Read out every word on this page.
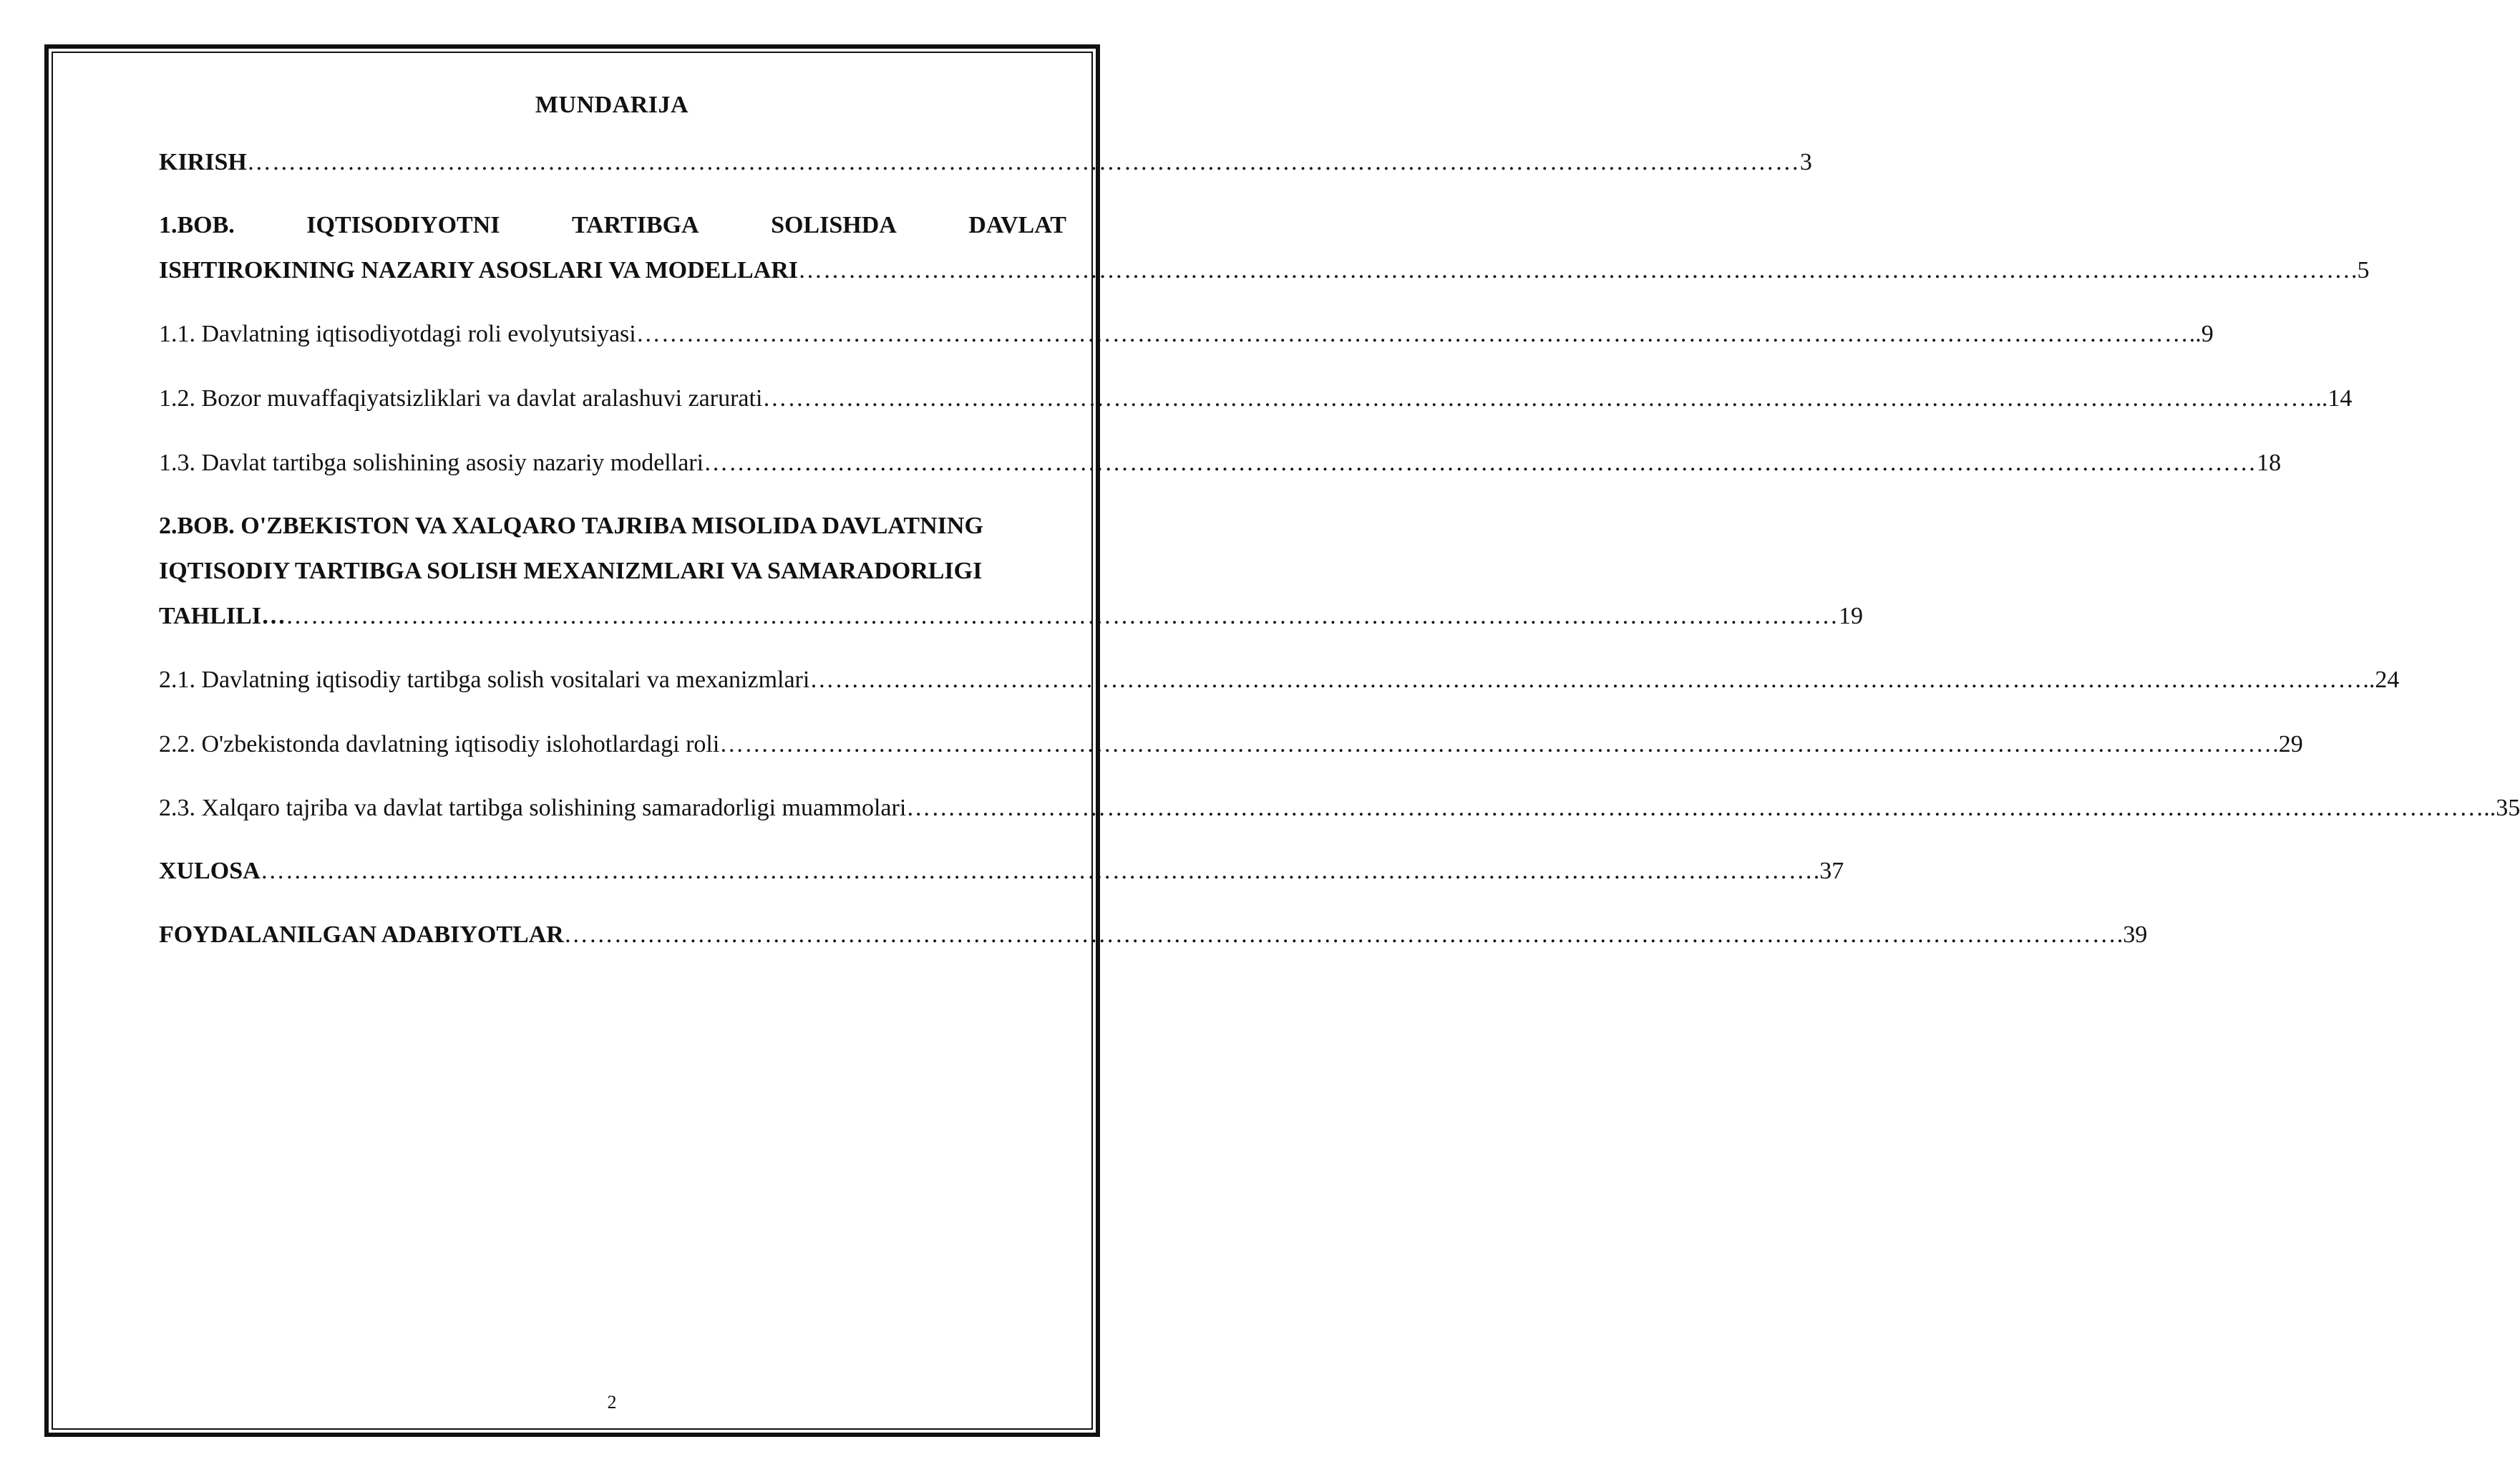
MUNDARIJA
KIRISH …………………………………………………………………………………………………………………………………………………………………… 3
1.BOB.	IQTISODIYOTNI	TARTIBGA	SOLISHDA	DAVLAT
ISHTIROKINING NAZARIY ASOSLARI VA MODELLARI …………………………………………………………………………………………………………………………………………………………………… .5
1.1. Davlatning iqtisodiyotdagi roli evolyutsiyasi …………………………………………………………………………………………………………………………………………………………………… ..9
1.2. Bozor muvaffaqiyatsizliklari va davlat aralashuvi zarurati …………………………………………………………………………………………………………………………………………………………………… ..14
1.3. Davlat tartibga solishining asosiy nazariy modellari …………………………………………………………………………………………………………………………………………………………………… 18
2.BOB. O'ZBEKISTON VA XALQARO TAJRIBA MISOLIDA DAVLATNING
IQTISODIY TARTIBGA SOLISH MEXANIZMLARI VA SAMARADORLIGI
TAHLILI… …………………………………………………………………………………………………………………………………………………………………… 19
2.1. Davlatning iqtisodiy tartibga solish vositalari va mexanizmlari …………………………………………………………………………………………………………………………………………………………………… ..24
2.2. O'zbekistonda davlatning iqtisodiy islohotlardagi roli …………………………………………………………………………………………………………………………………………………………………… .29
2.3. Xalqaro tajriba va davlat tartibga solishining samaradorligi muammolari …………………………………………………………………………………………………………………………………………………………………… …..35
XULOSA …………………………………………………………………………………………………………………………………………………………………… .37
FOYDALANILGAN ADABIYOTLAR …………………………………………………………………………………………………………………………………………………………………… .39
2
